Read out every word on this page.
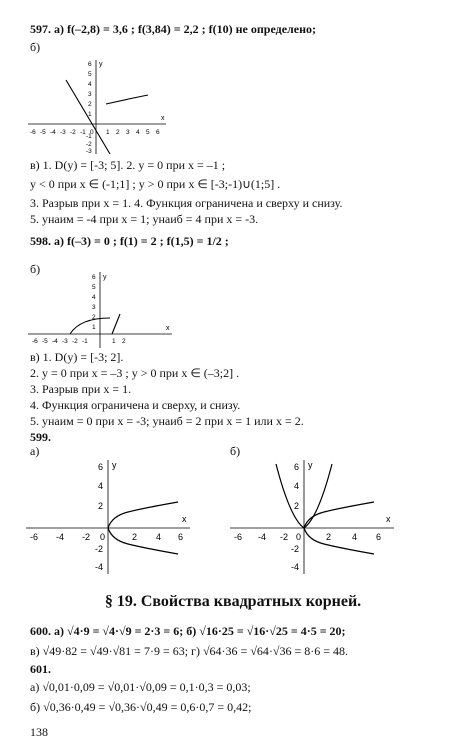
597. а) f(–2,8) = 3,6 ; f(3,84) = 2,2 ; f(10) не определено;
б)
x
y
-6 -5 -4 -3 -2 -1 0 1 2 3 4 5 6
6
5
4
3
2
1
-1
-2
-3
в) 1. D(y) = [-3; 5]. 2. y = 0 при x = –1 ;
y < 0 при x ∈ (-1;1] ; y > 0 при x ∈ [-3;-1)∪(1;5] .
3. Разрыв при x = 1. 4. Функция ограничена и сверху и снизу.
5. yнаим = -4 при x = 1; yнаиб = 4 при x = -3.
598. а) f(–3) = 0 ; f(1) = 2 ; f(1,5) = 1/2 ;
б)
x
y
-6 -5 -4 -3 -2 -1	1 2
6
5
4
3
2
1
в) 1. D(y) = [-3; 2].
2. y = 0 при x = –3 ; y > 0 при x ∈ (–3;2] .
3. Разрыв при x = 1.
4. Функция ограничена и сверху, и снизу.
5. yнаим = 0 при x = -3; yнаиб = 2 при x = 1 или x = 2.
599.
а)	б)
x
y
-6 -4 -2 0	2 4 6
6
4
2
-2
-4
x
y
-6 -4 -2 0	2 4 6
6
4
2
-2
-4
§ 19. Свойства квадратных корней.
600. а) √4·9 = √4·√9 = 2·3 = 6; б) √16·25 = √16·√25 = 4·5 = 20;
в) √49·82 = √49·√81 = 7·9 = 63; г) √64·36 = √64·√36 = 8·6 = 48.
601.
а) √0,01·0,09 = √0,01·√0,09 = 0,1·0,3 = 0,03;
б) √0,36·0,49 = √0,36·√0,49 = 0,6·0,7 = 0,42;
138
